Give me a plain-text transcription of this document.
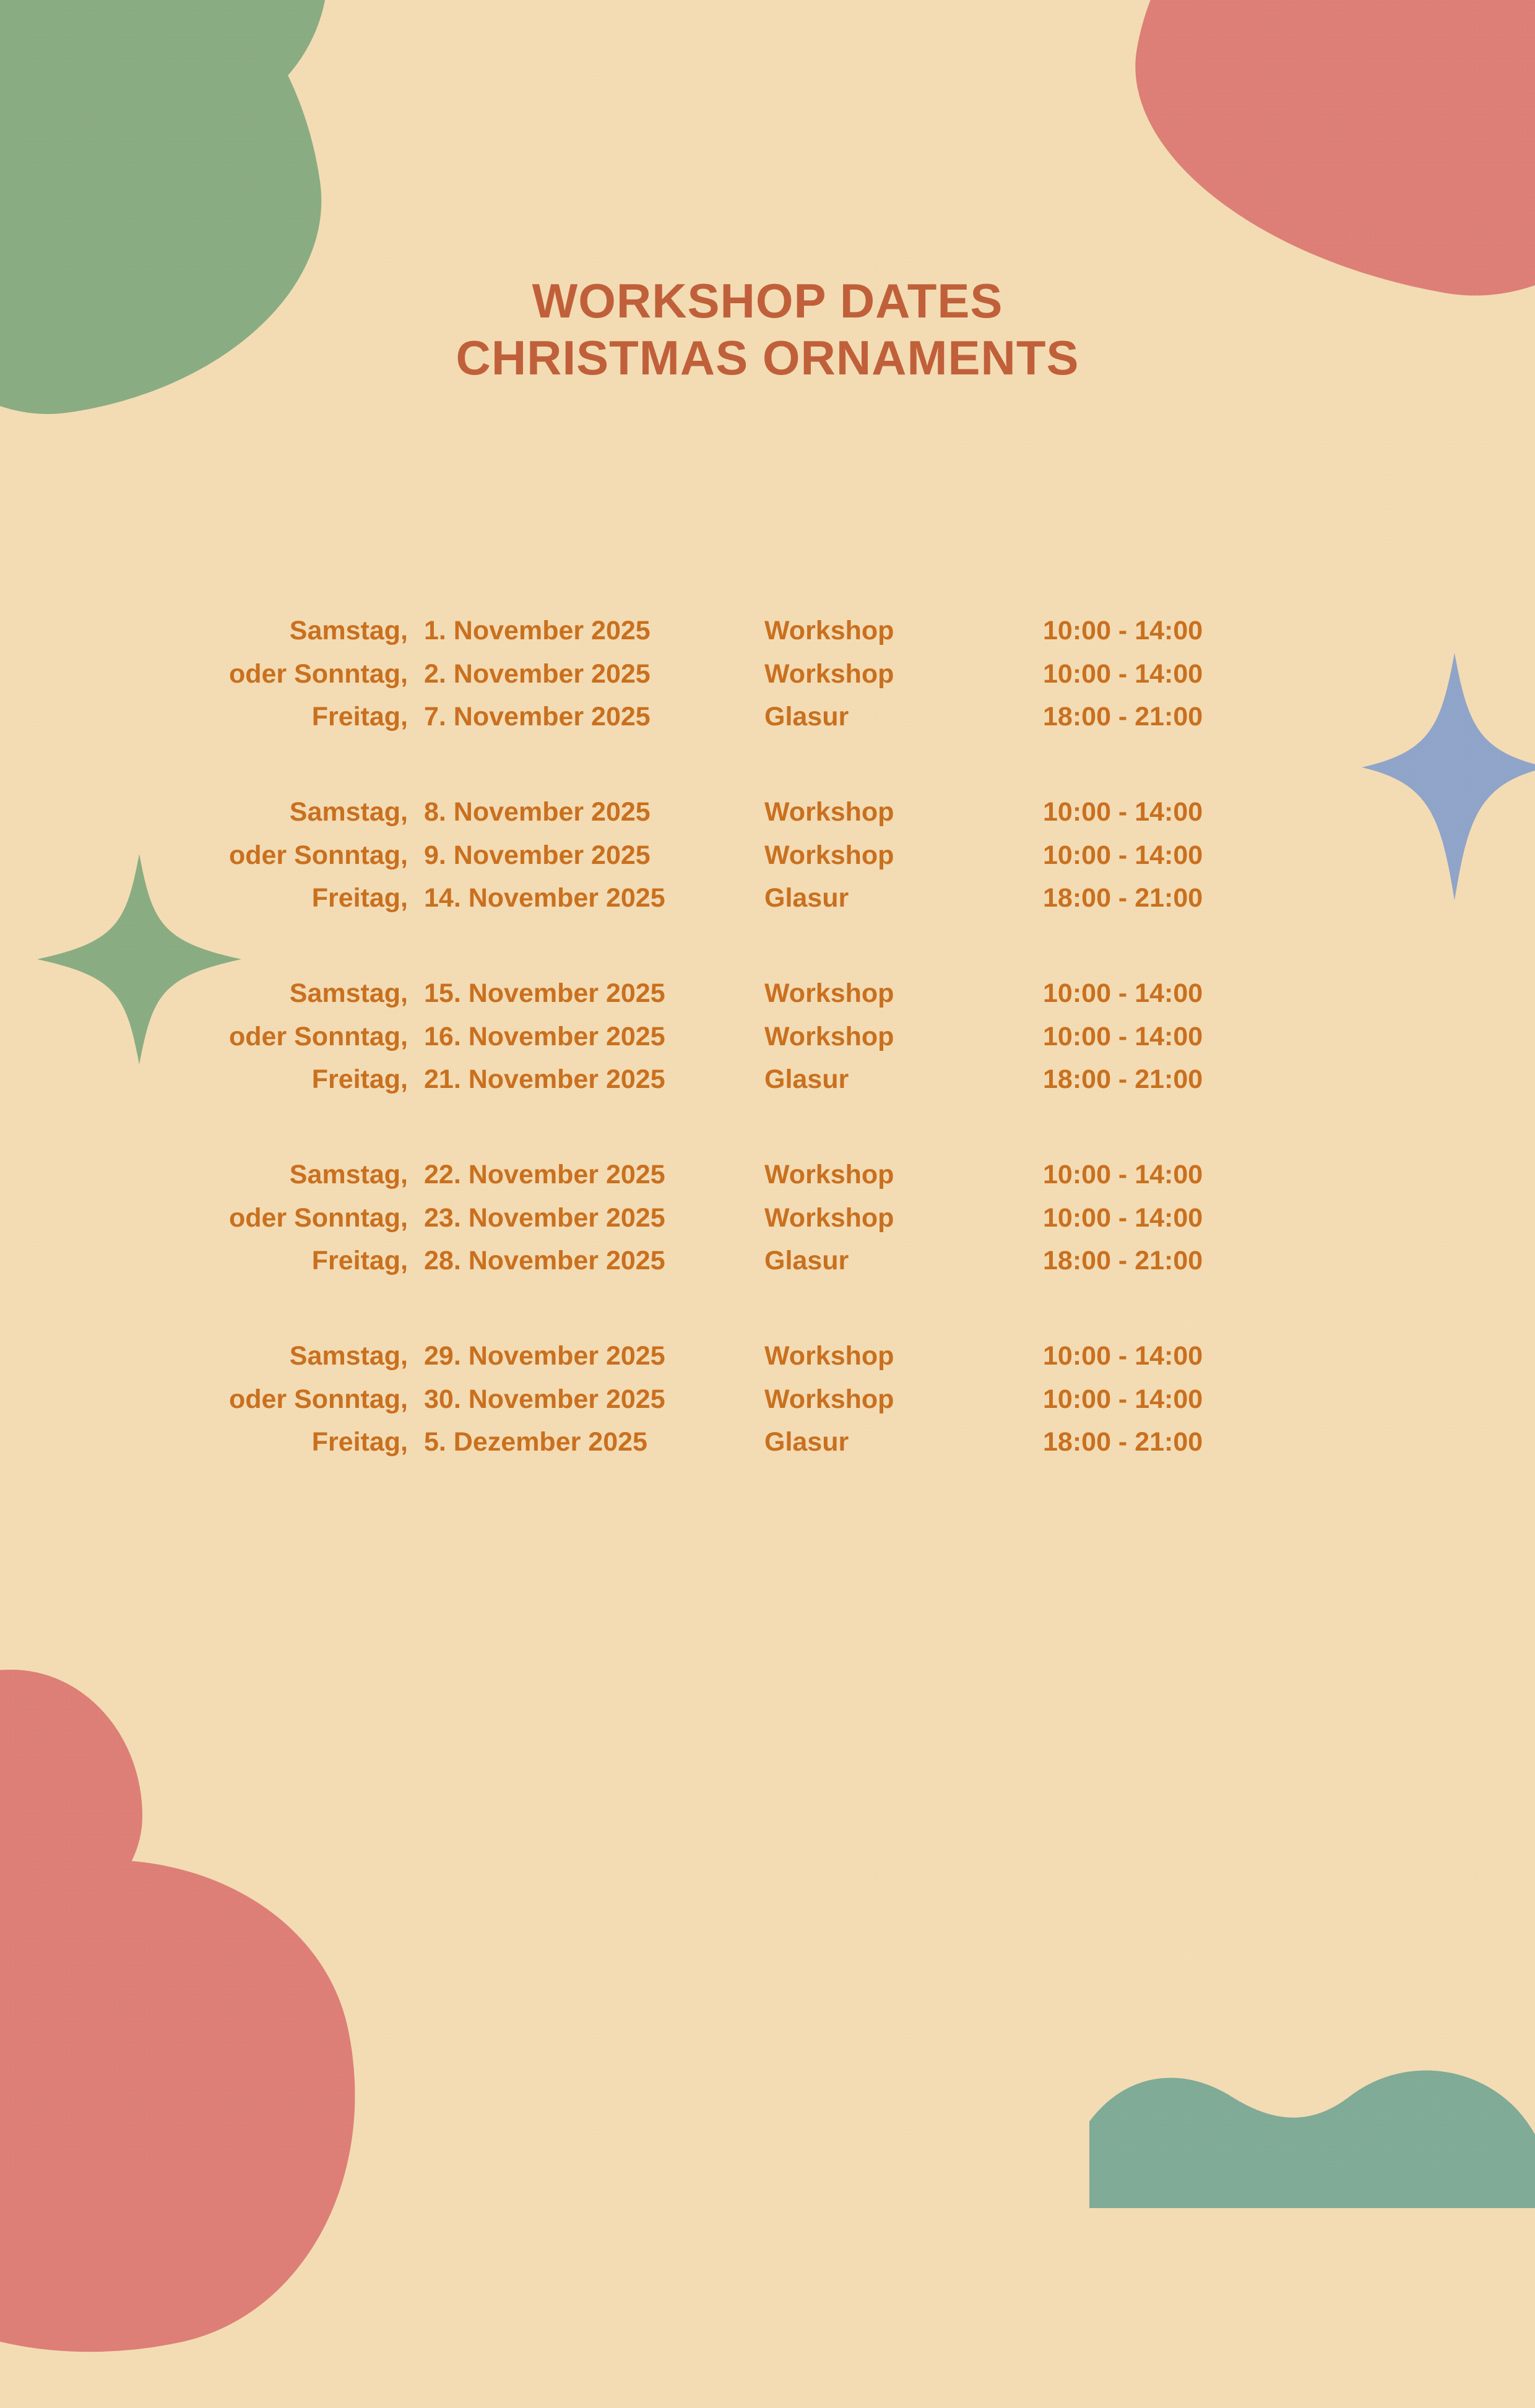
WORKSHOP DATES
CHRISTMAS ORNAMENTS
Samstag, 1. November 2025	Workshop	10:00 - 14:00
oder Sonntag, 2. November 2025	Workshop	10:00 - 14:00
Freitag, 7. November 2025	Glasur	18:00 - 21:00
Samstag, 8. November 2025	Workshop	10:00 - 14:00
oder Sonntag, 9. November 2025	Workshop	10:00 - 14:00
Freitag, 14. November 2025	Glasur	18:00 - 21:00
Samstag, 15. November 2025	Workshop	10:00 - 14:00
oder Sonntag, 16. November 2025	Workshop	10:00 - 14:00
Freitag, 21. November 2025	Glasur	18:00 - 21:00
Samstag, 22. November 2025	Workshop	10:00 - 14:00
oder Sonntag, 23. November 2025	Workshop	10:00 - 14:00
Freitag, 28. November 2025	Glasur	18:00 - 21:00
Samstag, 29. November 2025	Workshop	10:00 - 14:00
oder Sonntag, 30. November 2025	Workshop	10:00 - 14:00
Freitag, 5. Dezember 2025	Glasur	18:00 - 21:00
